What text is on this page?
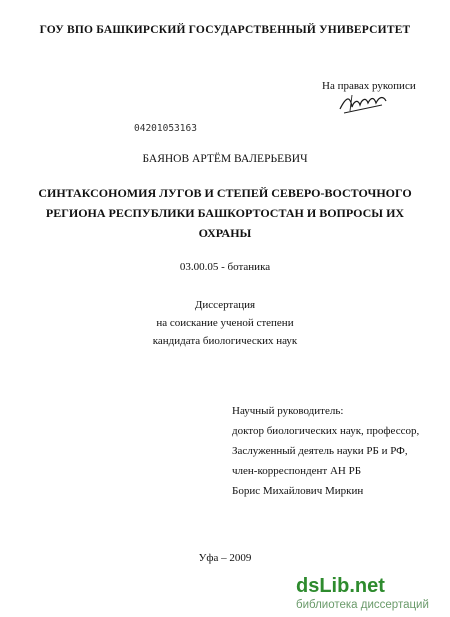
ГОУ ВПО БАШКИРСКИЙ ГОСУДАРСТВЕННЫЙ УНИВЕРСИТЕТ
На правах рукописи
04201053163
БАЯНОВ АРТЁМ ВАЛЕРЬЕВИЧ
СИНТАКСОНОМИЯ ЛУГОВ И СТЕПЕЙ СЕВЕРО-ВОСТОЧНОГО
РЕГИОНА РЕСПУБЛИКИ БАШКОРТОСТАН И ВОПРОСЫ ИХ
ОХРАНЫ
03.00.05 - ботаника
Диссертация
на соискание ученой степени
кандидата биологических наук
Научный руководитель:
доктор биологических наук, профессор,
Заслуженный деятель науки РБ и РФ,
член-корреспондент АН РБ
Борис Михайлович Миркин
Уфа – 2009
dsLib.net
библиотека диссертаций
